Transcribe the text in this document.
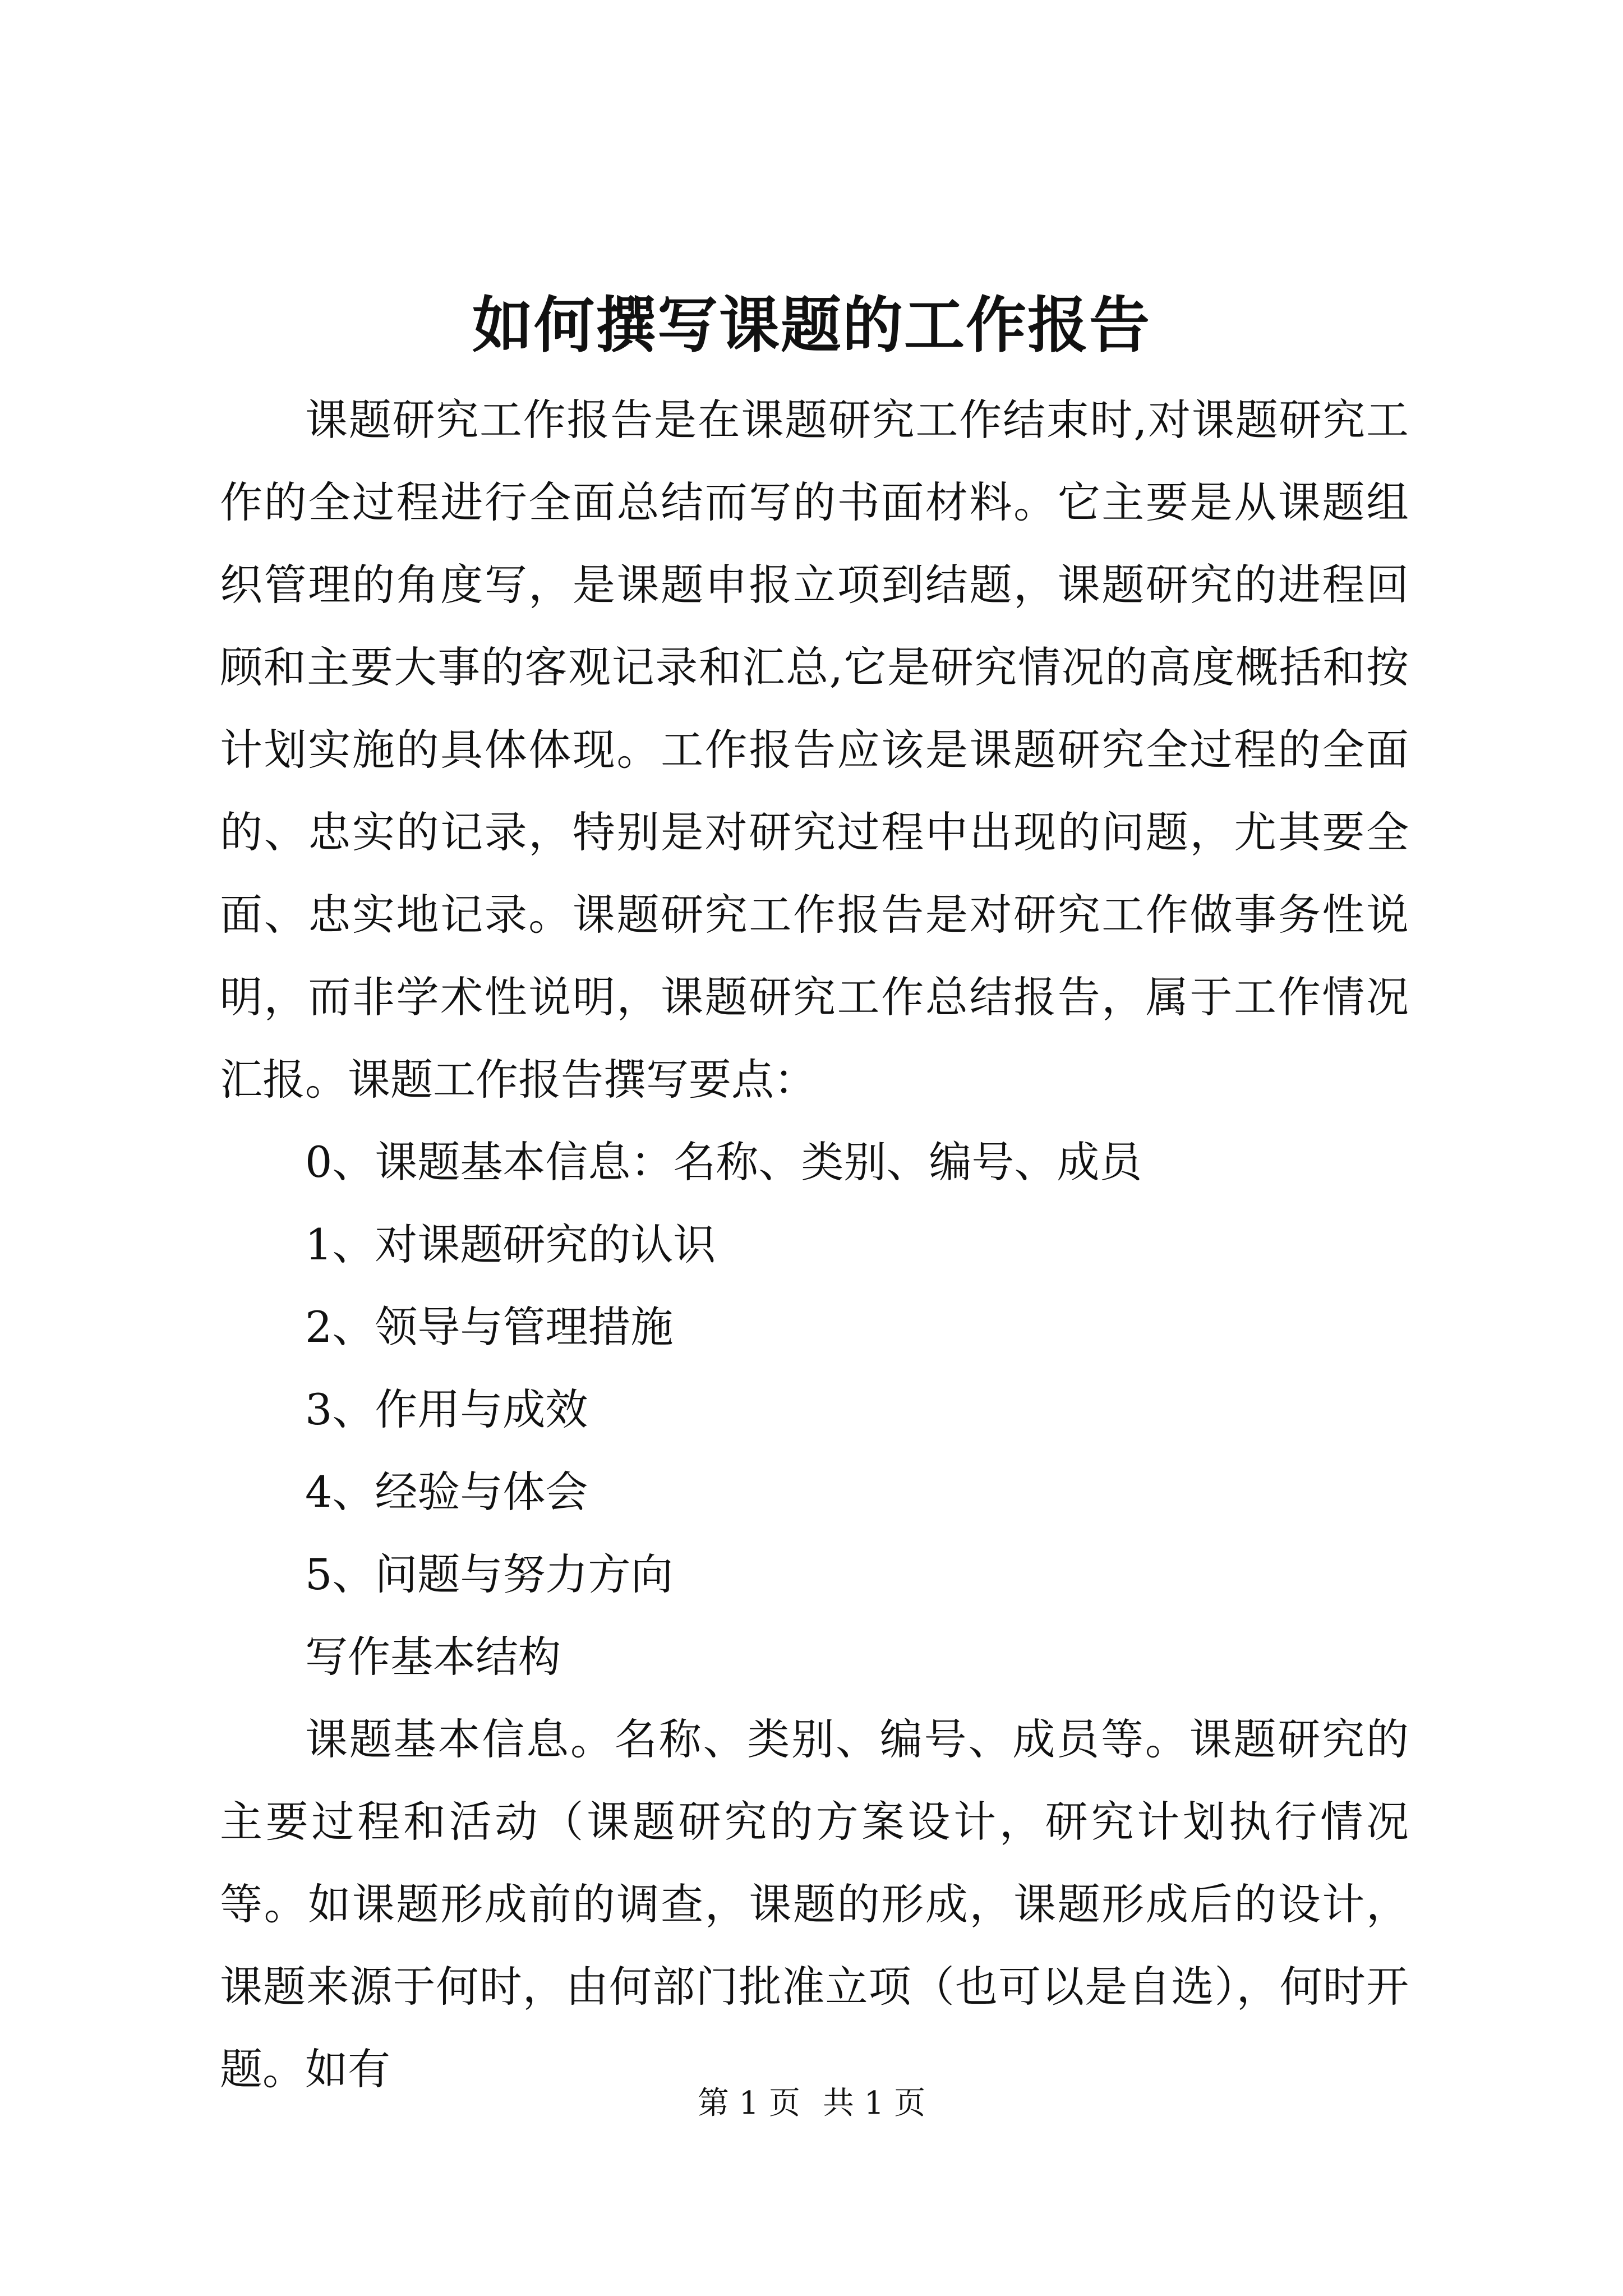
如何撰写课题的工作报告

课题研究工作报告是在课题研究工作结束时,对课题研究工作的全过程进行全面总结而写的书面材料。它主要是从课题组织管理的角度写，是课题申报立项到结题，课题研究的进程回顾和主要大事的客观记录和汇总,它是研究情况的高度概括和按计划实施的具体体现。工作报告应该是课题研究全过程的全面的、忠实的记录，特别是对研究过程中出现的问题，尤其要全面、忠实地记录。课题研究工作报告是对研究工作做事务性说明，而非学术性说明，课题研究工作总结报告，属于工作情况汇报。课题工作报告撰写要点：

0、课题基本信息：名称、类别、编号、成员

1、对课题研究的认识

2、领导与管理措施

3、作用与成效

4、经验与体会

5、问题与努力方向

写作基本结构

课题基本信息。名称、类别、编号、成员等。课题研究的主要过程和活动（课题研究的方案设计，研究计划执行情况等。如课题形成前的调查，课题的形成，课题形成后的设计，课题来源于何时，由何部门批准立项（也可以是自选），何时开题。如有

第 1 页 共 1 页
